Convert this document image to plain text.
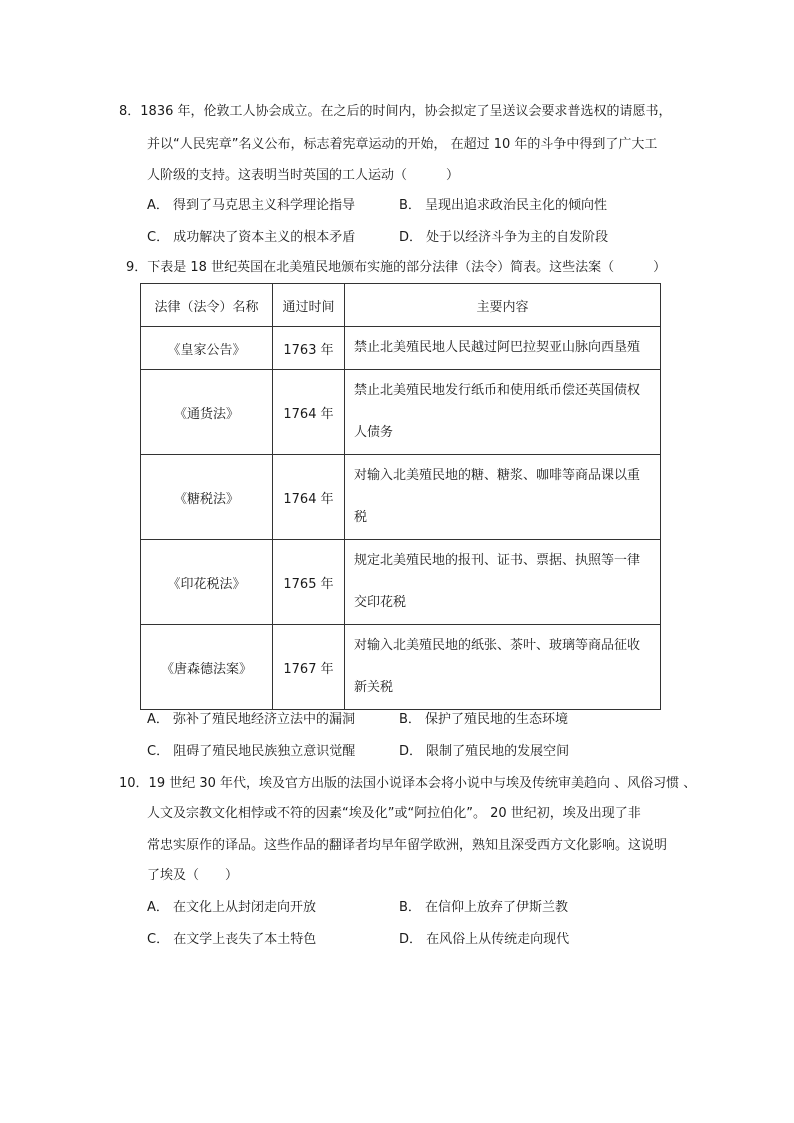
8．1836 年，伦敦工人协会成立。在之后的时间内，协会拟定了呈送议会要求普选权的请愿书，
并以“人民宪章”名义公布，标志着宪章运动的开始， 在超过 10 年的斗争中得到了广大工
人阶级的支持。这表明当时英国的工人运动（　　　）
A． 得到了马克思主义科学理论指导	B． 呈现出追求政治民主化的倾向性
C． 成功解决了资本主义的根本矛盾	D． 处于以经济斗争为主的自发阶段
9．下表是 18 世纪英国在北美殖民地颁布实施的部分法律（法令）简表。这些法案（　　　）
法律（法令）名称	通过时间	主要内容
《皇家公告》	1763 年	禁止北美殖民地人民越过阿巴拉契亚山脉向西垦殖
《通货法》	1764 年	禁止北美殖民地发行纸币和使用纸币偿还英国债权
人债务

《糖税法》	1764 年	对输入北美殖民地的糖、糖浆、咖啡等商品课以重
税

《印花税法》	1765 年	规定北美殖民地的报刊、证书、票据、执照等一律
交印花税

《唐森德法案》	1767 年	对输入北美殖民地的纸张、茶叶、玻璃等商品征收
新关税
A． 弥补了殖民地经济立法中的漏洞	B． 保护了殖民地的生态环境
C． 阻碍了殖民地民族独立意识觉醒	D． 限制了殖民地的发展空间
10．19 世纪 30 年代，埃及官方出版的法国小说译本会将小说中与埃及传统审美趋向 、风俗习惯 、
人文及宗教文化相悖或不符的因素“埃及化”或“阿拉伯化”。 20 世纪初，埃及出现了非
常忠实原作的译品。这些作品的翻译者均早年留学欧洲，熟知且深受西方文化影响。这说明
了埃及（　　）
A． 在文化上从封闭走向开放	B． 在信仰上放弃了伊斯兰教
C． 在文学上丧失了本土特色	D． 在风俗上从传统走向现代
